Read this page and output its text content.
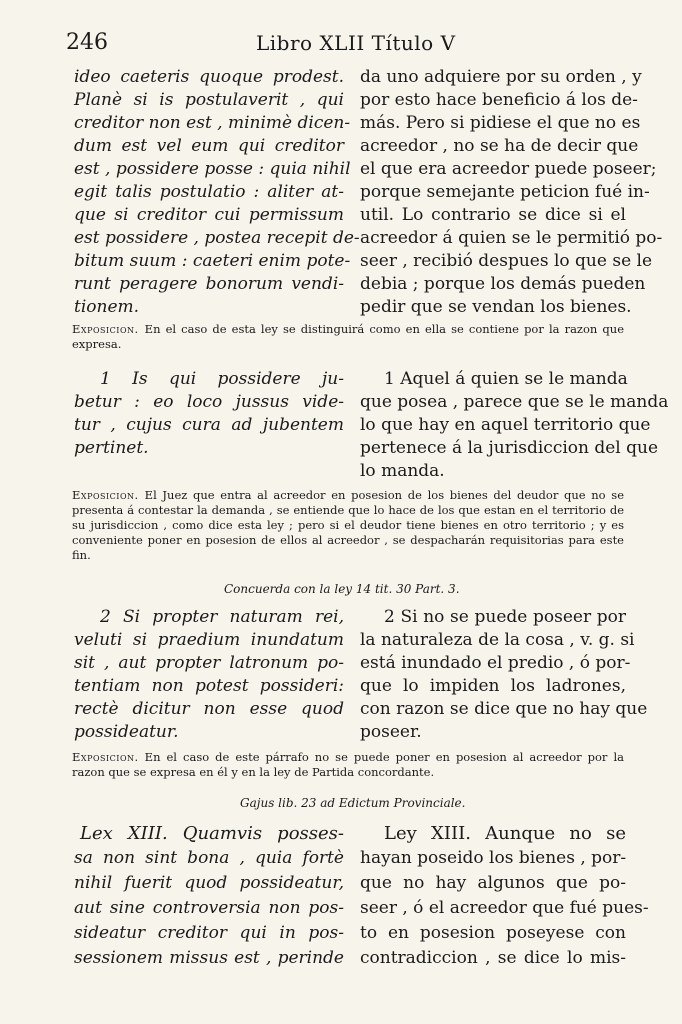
246	Libro XLII Título V
ideo caeteris quoque prodest.
Planè si is postulaverit , qui
creditor non est , minimè dicen-
dum est vel eum qui creditor
est , possidere posse : quia nihil
egit talis postulatio : aliter at-
que si creditor cui permissum
est possidere , postea recepit de-
bitum suum : caeteri enim pote-
runt peragere bonorum vendi-
tionem.
da uno adquiere por su orden , y
por esto hace beneficio á los de-
más. Pero si pidiese el que no es
acreedor , no se ha de decir que
el que era acreedor puede poseer;
porque semejante peticion fué in-
util. Lo contrario se dice si el
acreedor á quien se le permitió po-
seer , recibió despues lo que se le
debia ; porque los demás pueden
pedir que se vendan los bienes.
Exposicion. En el caso de esta ley se distinguirá como en ella se contiene por la razon que expresa.
1 Is qui possidere ju-
betur : eo loco jussus vide-
tur , cujus cura ad jubentem
pertinet.
1 Aquel á quien se le manda
que posea , parece que se le manda
lo que hay en aquel territorio que
pertenece á la jurisdiccion del que
lo manda.
Exposicion. El Juez que entra al acreedor en posesion de los bienes del deudor que no se presenta á contestar la demanda , se entiende que lo hace de los que estan en el territorio de su jurisdiccion , como dice esta ley ; pero si el deudor tiene bienes en otro territorio ; y es conveniente poner en posesion de ellos al acreedor , se despacharán requisitorias para este fin.
Concuerda con la ley 14 tit. 30 Part. 3.
2 Si propter naturam rei,
veluti si praedium inundatum
sit , aut propter latronum po-
tentiam non potest possideri:
rectè dicitur non esse quod
possideatur.
2 Si no se puede poseer por
la naturaleza de la cosa , v. g. si
está inundado el predio , ó por-
que lo impiden los ladrones,
con razon se dice que no hay que
poseer.
Exposicion. En el caso de este párrafo no se puede poner en posesion al acreedor por la razon que se expresa en él y en la ley de Partida concordante.
Gajus lib. 23 ad Edictum Provinciale.
Lex XIII. Quamvis posses-
sa non sint bona , quia fortè
nihil fuerit quod possideatur,
aut sine controversia non pos-
sideatur creditor qui in pos-
sessionem missus est , perinde
Ley XIII. Aunque no se
hayan poseido los bienes , por-
que no hay algunos que po-
seer , ó el acreedor que fué pues-
to en posesion poseyese con
contradiccion , se dice lo mis-
